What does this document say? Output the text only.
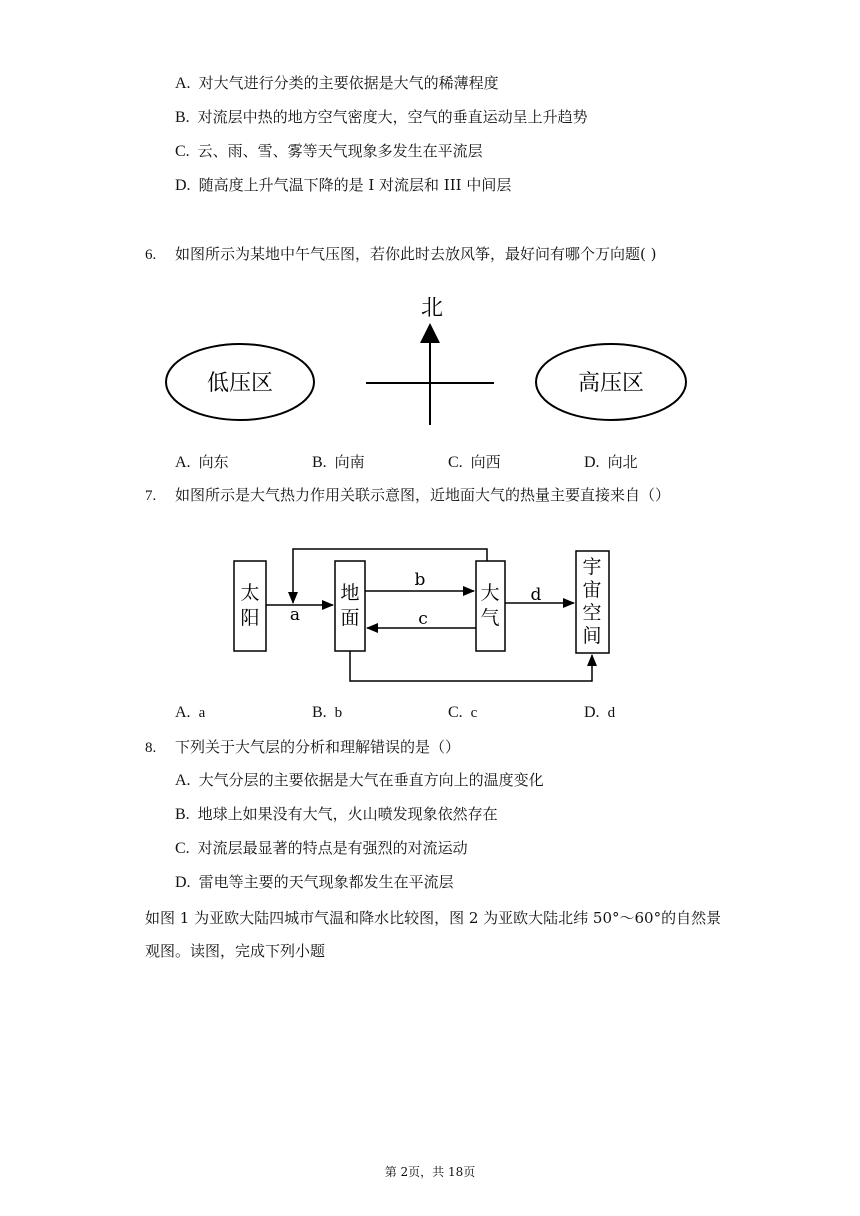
A. 对大气进行分类的主要依据是大气的稀薄程度
B. 对流层中热的地方空气密度大，空气的垂直运动呈上升趋势
C. 云、雨、雪、雾等天气现象多发生在平流层
D. 随高度上升气温下降的是 I 对流层和 III 中间层
6. 如图所示为某地中午气压图，若你此时去放风筝，最好问有哪个万向题( )
北
低压区	高压区
A. 向东	B. 向南	C. 向西	D. 向北
7. 如图所示是大气热力作用关联示意图，近地面大气的热量主要直接来自（）
太
阳
地
面
大
气
宇
宙
空
间
a
b
c
d
A. a	B. b	C. c	D. d
8. 下列关于大气层的分析和理解错误的是（）
A. 大气分层的主要依据是大气在垂直方向上的温度变化
B. 地球上如果没有大气，火山喷发现象依然存在
C. 对流层最显著的特点是有强烈的对流运动
D. 雷电等主要的天气现象都发生在平流层
如图 1 为亚欧大陆四城市气温和降水比较图，图 2 为亚欧大陆北纬 50°～60°的自然景
观图。读图，完成下列小题
第 2页，共 18页
